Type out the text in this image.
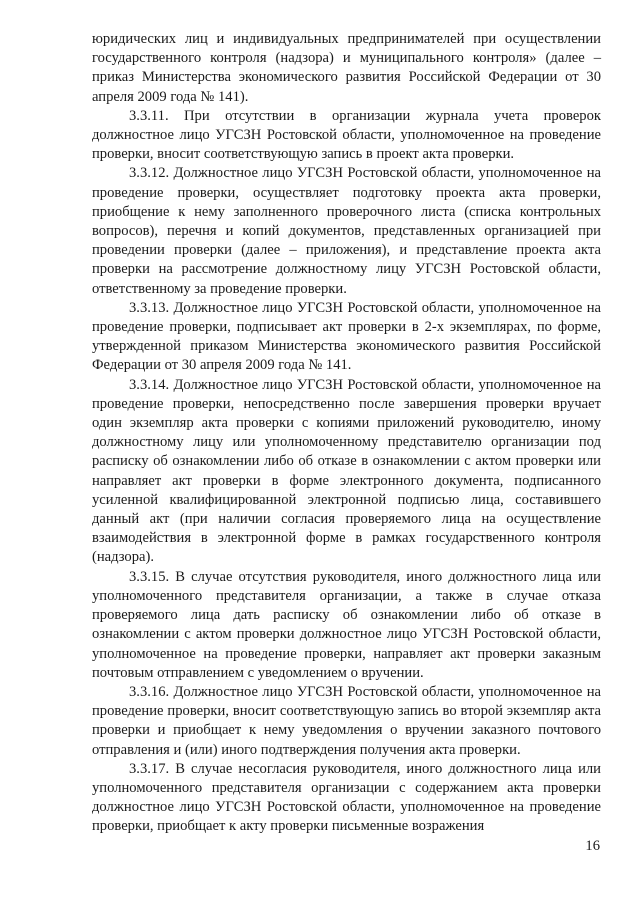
юридических лиц и индивидуальных предпринимателей при осуществлении государственного контроля (надзора) и муниципального контроля» (далее – приказ Министерства экономического развития Российской Федерации от 30 апреля 2009 года № 141).

3.3.11. При отсутствии в организации журнала учета проверок должностное лицо УГСЗН Ростовской области, уполномоченное на проведение проверки, вносит соответствующую запись в проект акта проверки.

3.3.12. Должностное лицо УГСЗН Ростовской области, уполномоченное на проведение проверки, осуществляет подготовку проекта акта проверки, приобщение к нему заполненного проверочного листа (списка контрольных вопросов), перечня и копий документов, представленных организацией при проведении проверки (далее – приложения), и представление проекта акта проверки на рассмотрение должностному лицу УГСЗН Ростовской области, ответственному за проведение проверки.

3.3.13. Должностное лицо УГСЗН Ростовской области, уполномоченное на проведение проверки, подписывает акт проверки в 2-х экземплярах, по форме, утвержденной приказом Министерства экономического развития Российской Федерации от 30 апреля 2009 года № 141.

3.3.14. Должностное лицо УГСЗН Ростовской области, уполномоченное на проведение проверки, непосредственно после завершения проверки вручает один экземпляр акта проверки с копиями приложений руководителю, иному должностному лицу или уполномоченному представителю организации под расписку об ознакомлении либо об отказе в ознакомлении с актом проверки или направляет акт проверки в форме электронного документа, подписанного усиленной квалифицированной электронной подписью лица, составившего данный акт (при наличии согласия проверяемого лица на осуществление взаимодействия в электронной форме в рамках государственного контроля (надзора).

3.3.15. В случае отсутствия руководителя, иного должностного лица или уполномоченного представителя организации, а также в случае отказа проверяемого лица дать расписку об ознакомлении либо об отказе в ознакомлении с актом проверки должностное лицо УГСЗН Ростовской области, уполномоченное на проведение проверки, направляет акт проверки заказным почтовым отправлением с уведомлением о вручении.

3.3.16. Должностное лицо УГСЗН Ростовской области, уполномоченное на проведение проверки, вносит соответствующую запись во второй экземпляр акта проверки и приобщает к нему уведомления о вручении заказного почтового отправления и (или) иного подтверждения получения акта проверки.

3.3.17. В случае несогласия руководителя, иного должностного лица или уполномоченного представителя организации с содержанием акта проверки должностное лицо УГСЗН Ростовской области, уполномоченное на проведение проверки, приобщает к акту проверки письменные возражения

16
